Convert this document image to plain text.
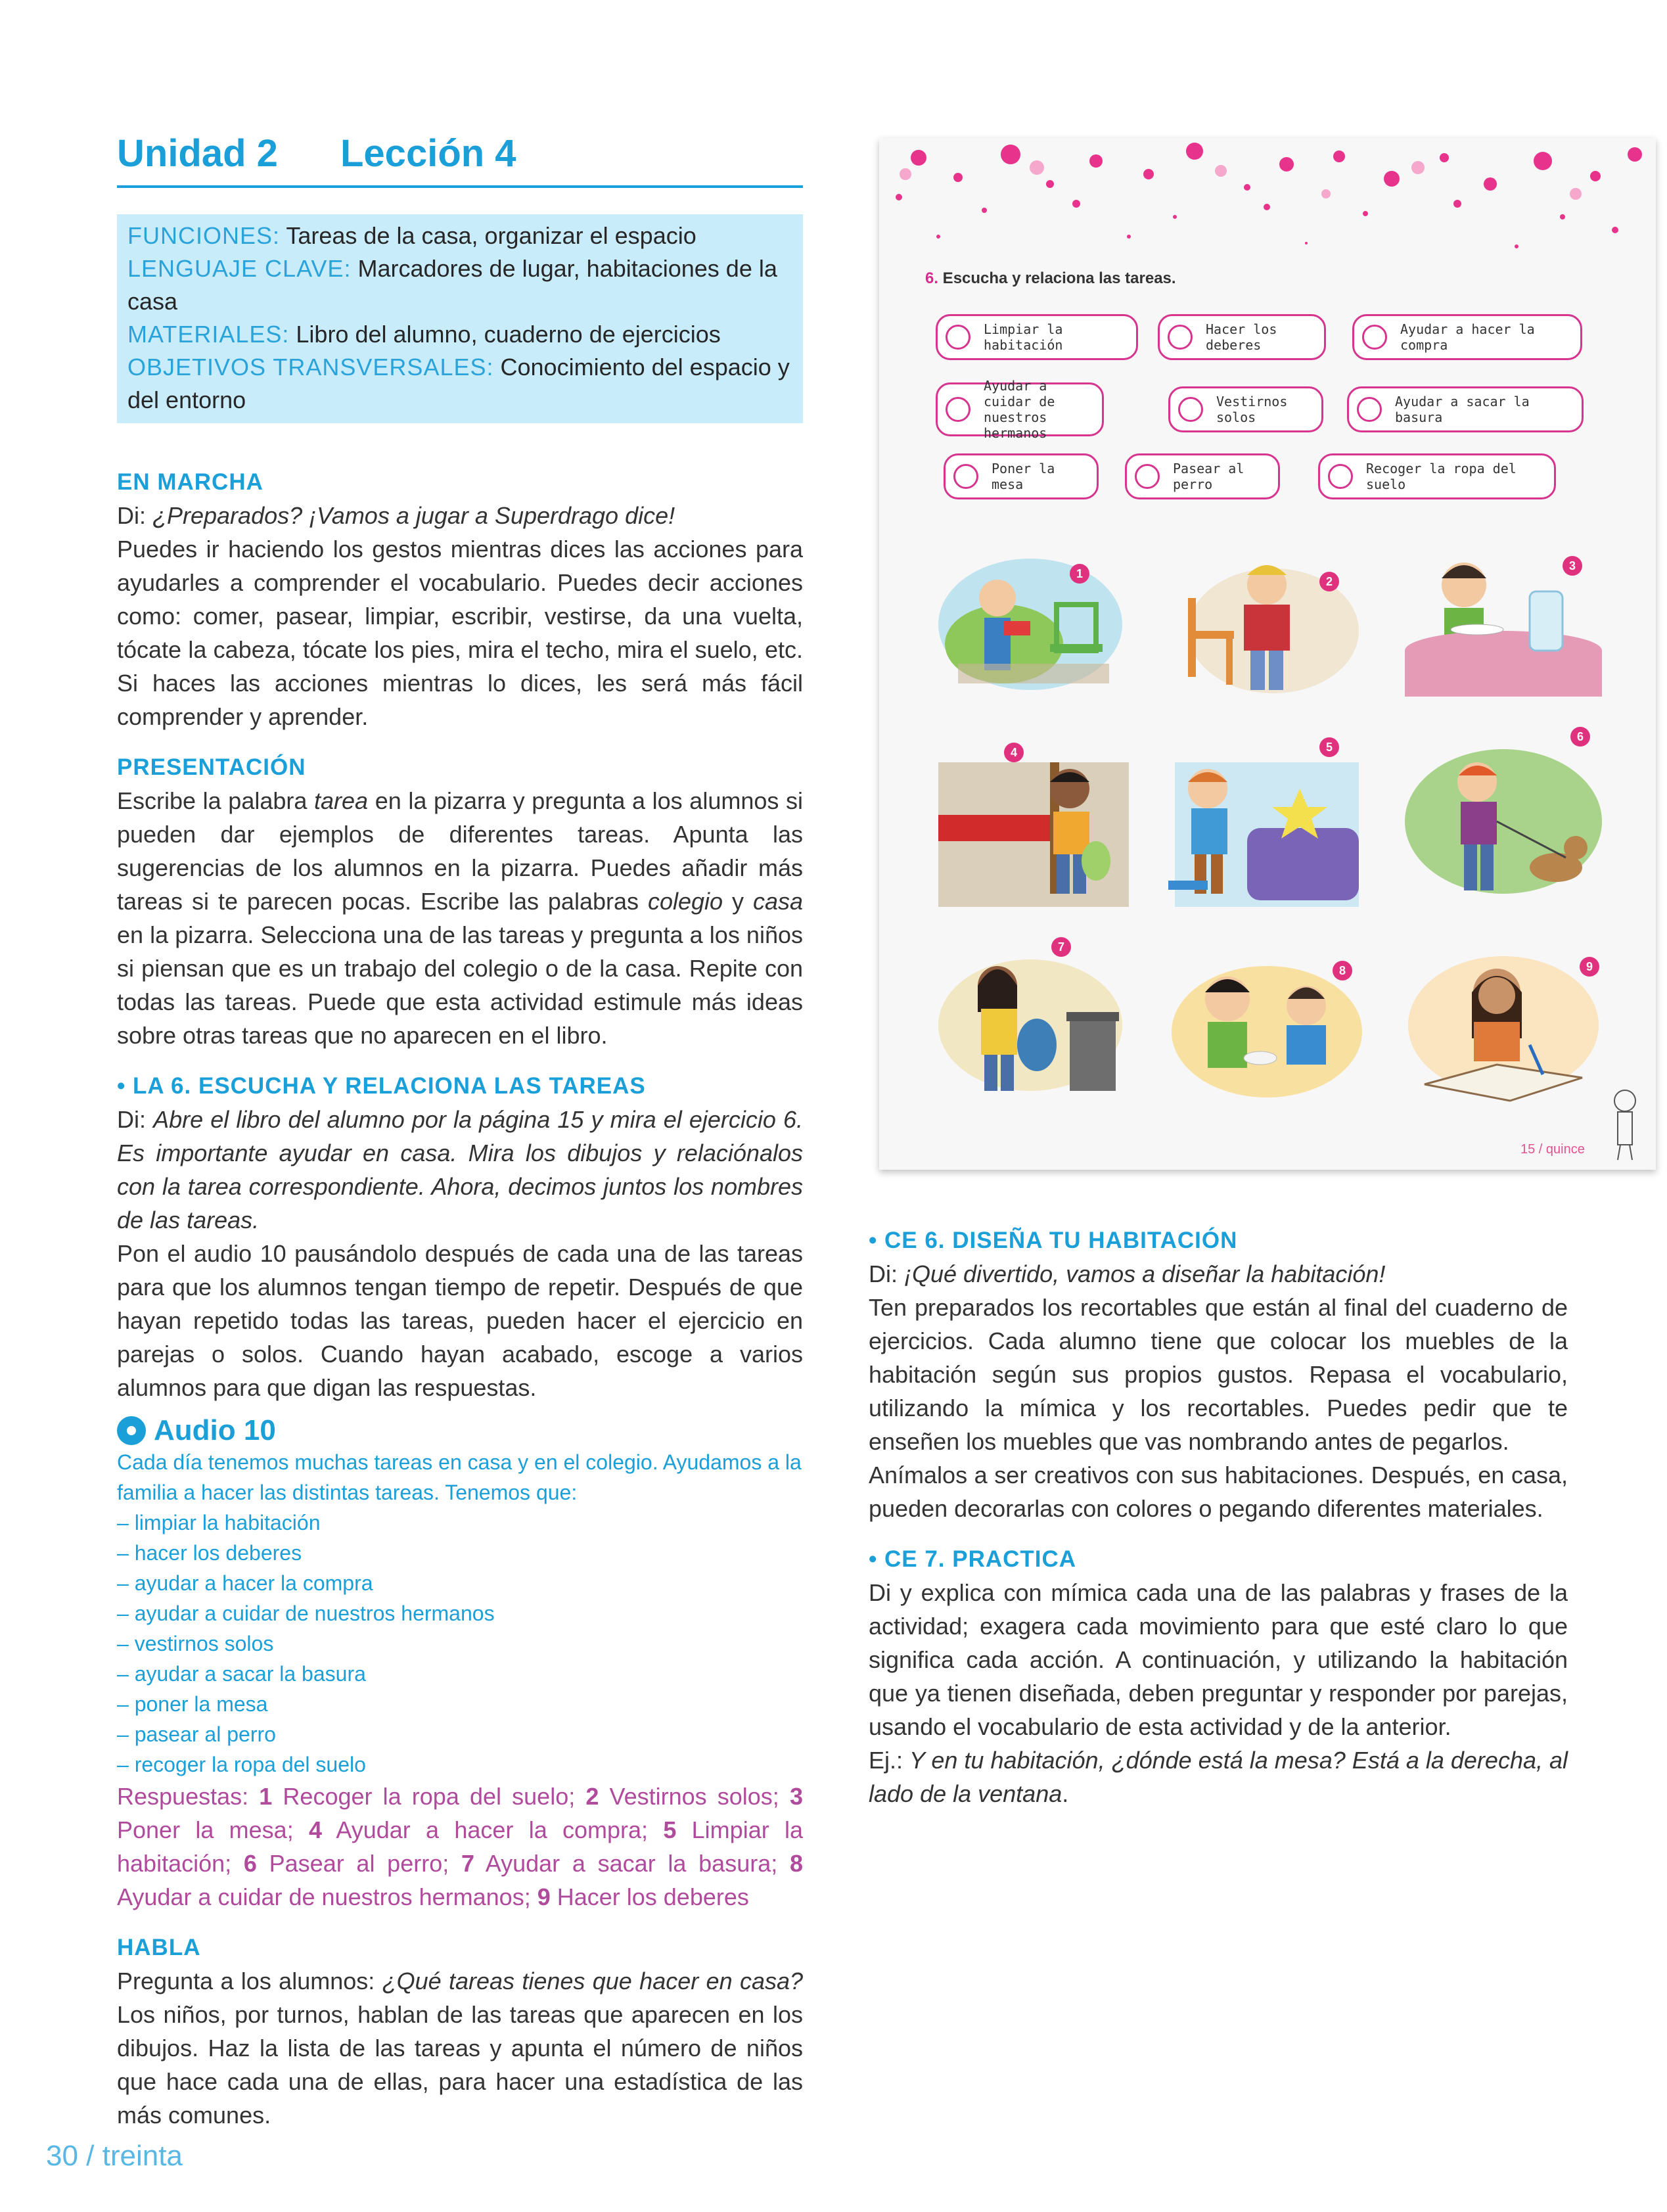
Unidad 2 Lección 4
FUNCIONES: Tareas de la casa, organizar el espacio
LENGUAJE CLAVE: Marcadores de lugar, habitaciones de la casa
MATERIALES: Libro del alumno, cuaderno de ejercicios
OBJETIVOS TRANSVERSALES: Conocimiento del espacio y del entorno

EN MARCHA

Di: ¿Preparados? ¡Vamos a jugar a Superdrago dice!

Puedes ir haciendo los gestos mientras dices las acciones para ayudarles a comprender el vocabulario. Puedes decir acciones como: comer, pasear, limpiar, escribir, vestirse, da una vuelta, tócate la cabeza, tócate los pies, mira el techo, mira el suelo, etc. Si haces las acciones mientras lo dices, les será más fácil comprender y aprender.

PRESENTACIÓN

Escribe la palabra tarea en la pizarra y pregunta a los alumnos si pueden dar ejemplos de diferentes tareas. Apunta las sugerencias de los alumnos en la pizarra. Puedes añadir más tareas si te parecen pocas. Escribe las palabras colegio y casa en la pizarra. Selecciona una de las tareas y pregunta a los niños si piensan que es un trabajo del colegio o de la casa. Repite con todas las tareas. Puede que esta actividad estimule más ideas sobre otras tareas que no aparecen en el libro.

• LA 6. ESCUCHA Y RELACIONA LAS TAREAS

Di: Abre el libro del alumno por la página 15 y mira el ejercicio 6. Es importante ayudar en casa. Mira los dibujos y relaciónalos con la tarea correspondiente. Ahora, decimos juntos los nombres de las tareas.

Pon el audio 10 pausándolo después de cada una de las tareas para que los alumnos tengan tiempo de repetir. Después de que hayan repetido todas las tareas, pueden hacer el ejercicio en parejas o solos. Cuando hayan acabado, escoge a varios alumnos para que digan las respuestas.

Audio 10
Cada día tenemos muchas tareas en casa y en el colegio. Ayudamos a la familia a hacer las distintas tareas. Tenemos que:
– limpiar la habitación
– hacer los deberes
– ayudar a hacer la compra
– ayudar a cuidar de nuestros hermanos
– vestirnos solos
– ayudar a sacar la basura
– poner la mesa
– pasear al perro
– recoger la ropa del suelo
Respuestas: 1 Recoger la ropa del suelo; 2 Vestirnos solos; 3 Poner la mesa; 4 Ayudar a hacer la compra; 5 Limpiar la habitación; 6 Pasear al perro; 7 Ayudar a sacar la basura; 8 Ayudar a cuidar de nuestros hermanos; 9 Hacer los deberes

HABLA

Pregunta a los alumnos: ¿Qué tareas tienes que hacer en casa? Los niños, por turnos, hablan de las tareas que aparecen en los dibujos. Haz la lista de las tareas y apunta el número de niños que hace cada una de ellas, para hacer una estadística de las más comunes.

• CE 6. DISEÑA TU HABITACIÓN

Di: ¡Qué divertido, vamos a diseñar la habitación!

Ten preparados los recortables que están al final del cuaderno de ejercicios. Cada alumno tiene que colocar los muebles de la habitación según sus propios gustos. Repasa el vocabulario, utilizando la mímica y los recortables. Puedes pedir que te enseñen los muebles que vas nombrando antes de pegarlos.

Anímalos a ser creativos con sus habitaciones. Después, en casa, pueden decorarlas con colores o pegando diferentes materiales.

• CE 7. PRACTICA

Di y explica con mímica cada una de las palabras y frases de la actividad; exagera cada movimiento para que esté claro lo que significa cada acción. A continuación, y utilizando la habitación que ya tienen diseñada, deben preguntar y responder por parejas, usando el vocabulario de esta actividad y de la anterior.

Ej.: Y en tu habitación, ¿dónde está la mesa? Está a la derecha, al lado de la ventana.

6. Escucha y relaciona las tareas.
Limpiar la habitación
Hacer los deberes
Ayudar a hacer la compra
Ayudar a cuidar de nuestros hermanos
Vestirnos solos
Ayudar a sacar la basura
Poner la mesa
Pasear al perro
Recoger la ropa del suelo
1
2
3
4	5
6
7
8	9
15 / quince
30 / treinta
